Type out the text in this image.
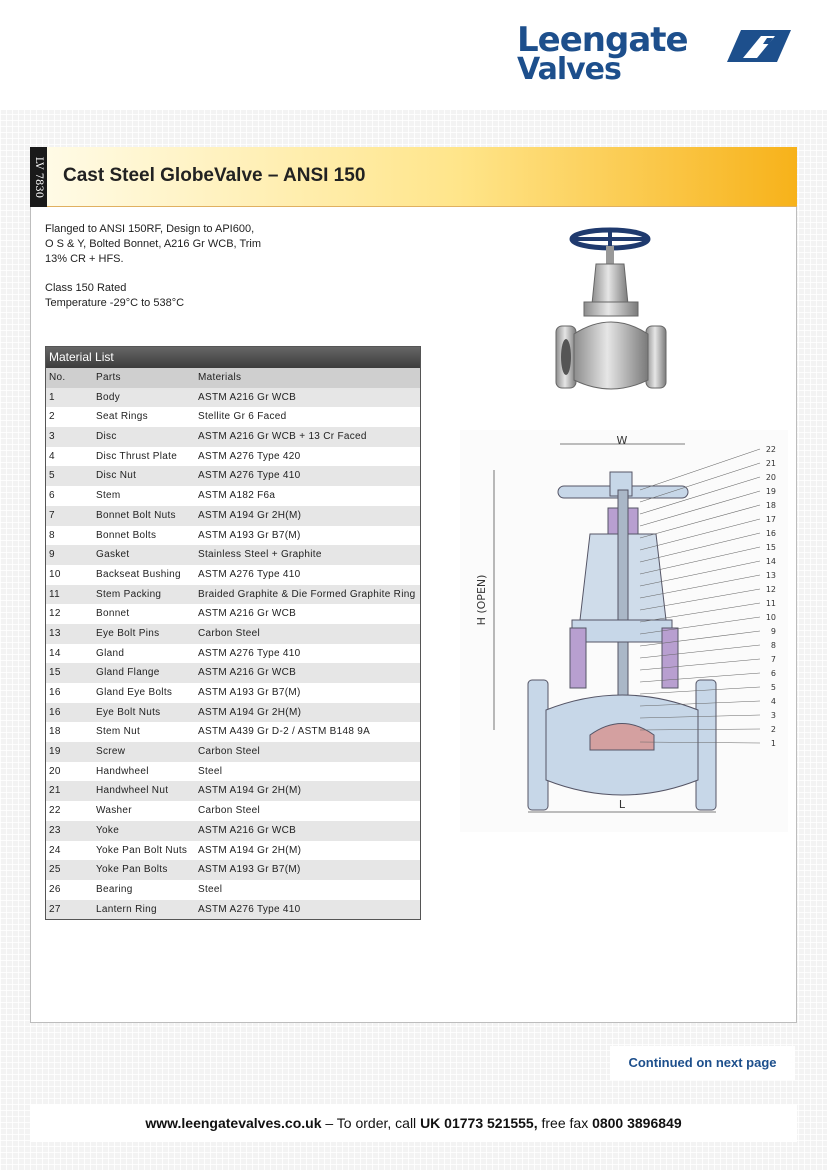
Leengate
Valves
Cast Steel GlobeValve – ANSI 150
LV 7830

Flanged to ANSI 150RF, Design to API600,
O S & Y, Bolted Bonnet, A216 Gr WCB, Trim
13% CR + HFS.

Class 150 Rated
Temperature -29°C to 538°C

Material List
No.	Parts	Materials
1	Body	ASTM A216 Gr WCB
2	Seat Rings	Stellite Gr 6 Faced
3	Disc	ASTM A216 Gr WCB + 13 Cr Faced
4	Disc Thrust Plate	ASTM A276 Type 420
5	Disc Nut	ASTM A276 Type 410
6	Stem	ASTM A182 F6a
7	Bonnet Bolt Nuts	ASTM A194 Gr 2H(M)
8	Bonnet Bolts	ASTM A193 Gr B7(M)
9	Gasket	Stainless Steel + Graphite
10	Backseat Bushing	ASTM A276 Type 410
11	Stem Packing	Braided Graphite & Die Formed Graphite Ring
12	Bonnet	ASTM A216 Gr WCB
13	Eye Bolt Pins	Carbon Steel
14	Gland	ASTM A276 Type 410
15	Gland Flange	ASTM A216 Gr WCB
16	Gland Eye Bolts	ASTM A193 Gr B7(M)
16	Eye Bolt Nuts	ASTM A194 Gr 2H(M)
18	Stem Nut	ASTM A439 Gr D-2 / ASTM B148 9A
19	Screw	Carbon Steel
20	Handwheel	Steel
21	Handwheel Nut	ASTM A194 Gr 2H(M)
22	Washer	Carbon Steel
23	Yoke	ASTM A216 Gr WCB
24	Yoke Pan Bolt Nuts	ASTM A194 Gr 2H(M)
25	Yoke Pan Bolts	ASTM A193 Gr B7(M)
26	Bearing	Steel
27	Lantern Ring	ASTM A276 Type 410
W
H (OPEN)
L
22
21
20
19
18
17
16
15
14
13
12
11
10
9
8
7
6
5
4
3
2
1
Continued on next page
www.leengatevalves.co.uk – To order, call UK 01773 521555, free fax 0800 3896849
